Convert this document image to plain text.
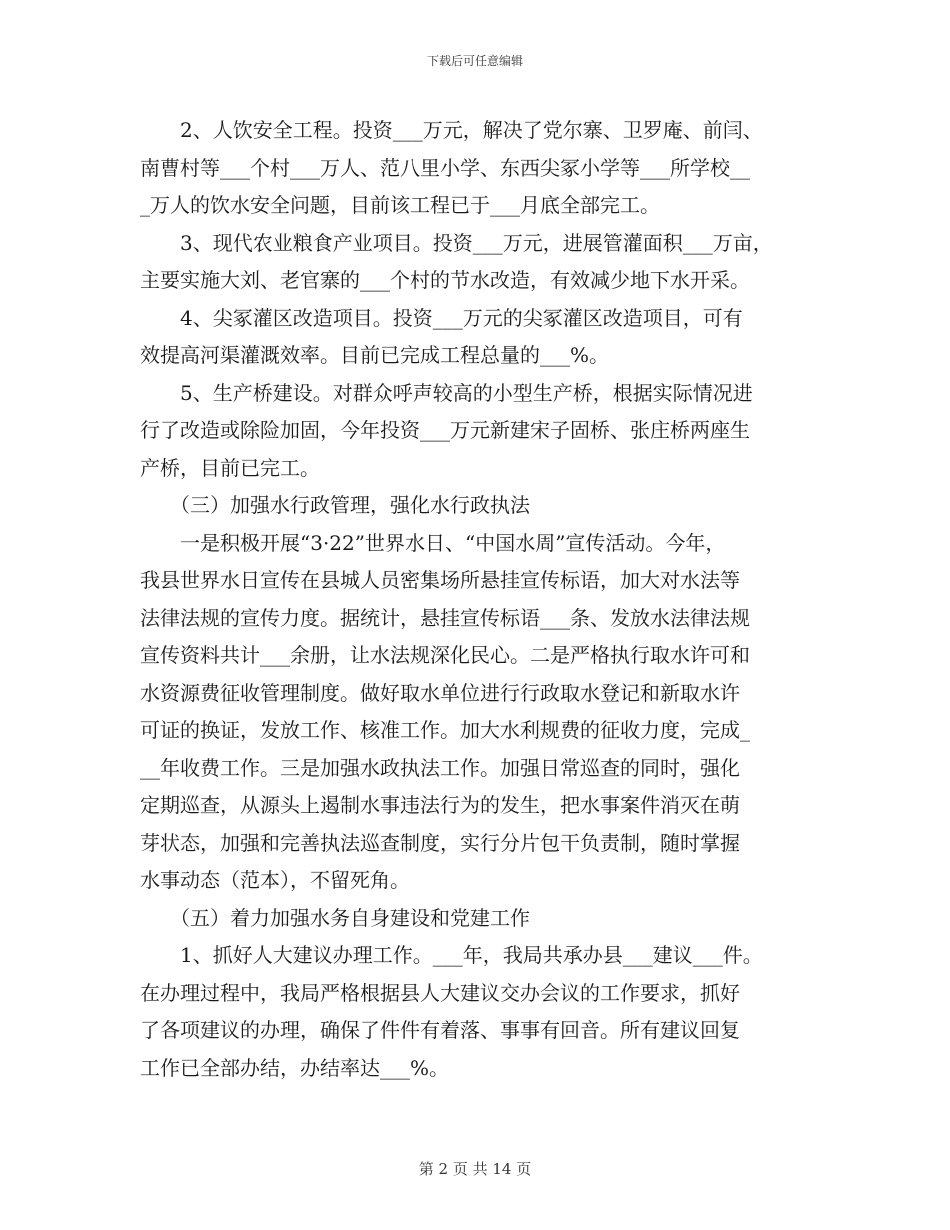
下载后可任意编辑
　　2、人饮安全工程。投资___万元，解决了党尔寨、卫罗庵、前闫、
南曹村等___个村___万人、范八里小学、东西尖冢小学等___所学校__
_万人的饮水安全问题，目前该工程已于___月底全部完工。
　　3、现代农业粮食产业项目。投资___万元，进展管灌面积___万亩，
主要实施大刘、老官寨的___个村的节水改造，有效减少地下水开采。
　　4、尖冢灌区改造项目。投资___万元的尖冢灌区改造项目，可有
效提高河渠灌溉效率。目前已完成工程总量的___%。
　　5、生产桥建设。对群众呼声较高的小型生产桥，根据实际情况进
行了改造或除险加固，今年投资___万元新建宋子固桥、张庄桥两座生
产桥，目前已完工。
　　（三）加强水行政管理，强化水行政执法
　　一是积极开展“3·22”世界水日、“中国水周”宣传活动。今年，
我县世界水日宣传在县城人员密集场所悬挂宣传标语，加大对水法等
法律法规的宣传力度。据统计，悬挂宣传标语___条、发放水法律法规
宣传资料共计___余册，让水法规深化民心。二是严格执行取水许可和
水资源费征收管理制度。做好取水单位进行行政取水登记和新取水许
可证的换证，发放工作、核准工作。加大水利规费的征收力度，完成_
__年收费工作。三是加强水政执法工作。加强日常巡查的同时，强化
定期巡查，从源头上遏制水事违法行为的发生，把水事案件消灭在萌
芽状态，加强和完善执法巡查制度，实行分片包干负责制，随时掌握
水事动态（范本），不留死角。
　　（五）着力加强水务自身建设和党建工作
　　1、抓好人大建议办理工作。___年，我局共承办县___建议___件。
在办理过程中，我局严格根据县人大建议交办会议的工作要求，抓好
了各项建议的办理，确保了件件有着落、事事有回音。所有建议回复
工作已全部办结，办结率达___%。
第 2 页 共 14 页
